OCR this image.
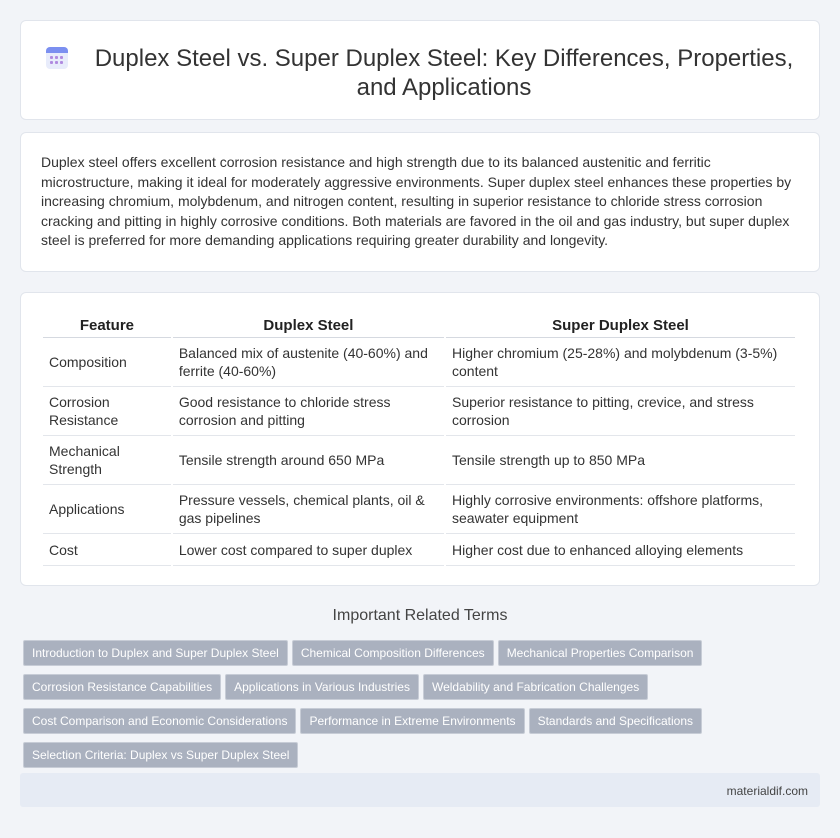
Duplex Steel vs. Super Duplex Steel: Key Differences, Properties, and Applications

Duplex steel offers excellent corrosion resistance and high strength due to its balanced austenitic and ferritic microstructure, making it ideal for moderately aggressive environments. Super duplex steel enhances these properties by increasing chromium, molybdenum, and nitrogen content, resulting in superior resistance to chloride stress corrosion cracking and pitting in highly corrosive conditions. Both materials are favored in the oil and gas industry, but super duplex steel is preferred for more demanding applications requiring greater durability and longevity.

Feature	Duplex Steel	Super Duplex Steel
Composition	Balanced mix of austenite (40-60%) and ferrite (40-60%)	Higher chromium (25-28%) and molybdenum (3-5%) content
Corrosion Resistance	Good resistance to chloride stress corrosion and pitting	Superior resistance to pitting, crevice, and stress corrosion
Mechanical Strength	Tensile strength around 650 MPa	Tensile strength up to 850 MPa
Applications	Pressure vessels, chemical plants, oil & gas pipelines	Highly corrosive environments: offshore platforms, seawater equipment
Cost	Lower cost compared to super duplex	Higher cost due to enhanced alloying elements
Important Related Terms
Introduction to Duplex and Super Duplex Steel Chemical Composition Differences Mechanical Properties Comparison
Corrosion Resistance Capabilities Applications in Various Industries Weldability and Fabrication Challenges
Cost Comparison and Economic Considerations Performance in Extreme Environments Standards and Specifications
Selection Criteria: Duplex vs Super Duplex Steel
materialdif.com
